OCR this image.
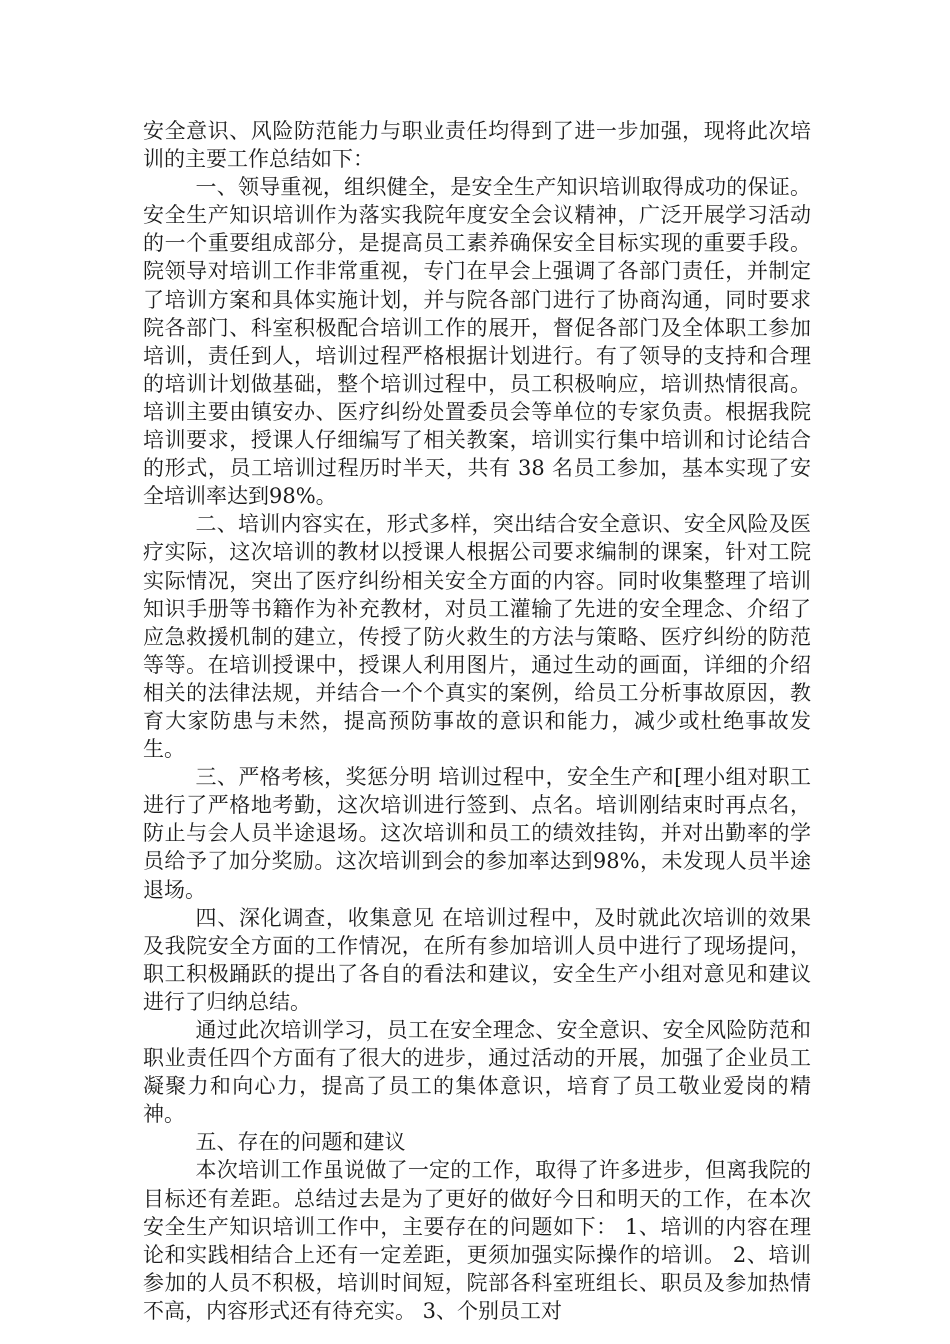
安全意识、风险防范能力与职业责任均得到了进一步加强，现将此次培训的主要工作总结如下：

一、领导重视，组织健全，是安全生产知识培训取得成功的保证。安全生产知识培训作为落实我院年度安全会议精神，广泛开展学习活动的一个重要组成部分，是提高员工素养确保安全目标实现的重要手段。院领导对培训工作非常重视，专门在早会上强调了各部门责任，并制定了培训方案和具体实施计划，并与院各部门进行了协商沟通，同时要求院各部门、科室积极配合培训工作的展开，督促各部门及全体职工参加培训，责任到人，培训过程严格根据计划进行。有了领导的支持和合理的培训计划做基础，整个培训过程中，员工积极响应，培训热情很高。培训主要由镇安办、医疗纠纷处置委员会等单位的专家负责。根据我院培训要求，授课人仔细编写了相关教案，培训实行集中培训和讨论结合的形式，员工培训过程历时半天，共有 38 名员工参加，基本实现了安全培训率达到98%。

二、培训内容实在，形式多样，突出结合安全意识、安全风险及医疗实际，这次培训的教材以授课人根据公司要求编制的课案，针对工院实际情况，突出了医疗纠纷相关安全方面的内容。同时收集整理了培训知识手册等书籍作为补充教材，对员工灌输了先进的安全理念、介绍了应急救援机制的建立，传授了防火救生的方法与策略、医疗纠纷的防范等等。在培训授课中，授课人利用图片，通过生动的画面，详细的介绍相关的法律法规，并结合一个个真实的案例，给员工分析事故原因，教育大家防患与未然，提高预防事故的意识和能力，减少或杜绝事故发生。

三、严格考核，奖惩分明 培训过程中，安全生产和[理小组对职工进行了严格地考勤，这次培训进行签到、点名。培训刚结束时再点名，防止与会人员半途退场。这次培训和员工的绩效挂钩，并对出勤率的学员给予了加分奖励。这次培训到会的参加率达到98%，未发现人员半途退场。

四、深化调查，收集意见 在培训过程中，及时就此次培训的效果及我院安全方面的工作情况，在所有参加培训人员中进行了现场提问，职工积极踊跃的提出了各自的看法和建议，安全生产小组对意见和建议进行了归纳总结。

通过此次培训学习，员工在安全理念、安全意识、安全风险防范和职业责任四个方面有了很大的进步，通过活动的开展，加强了企业员工凝聚力和向心力，提高了员工的集体意识，培育了员工敬业爱岗的精神。

五、存在的问题和建议

本次培训工作虽说做了一定的工作，取得了许多进步，但离我院的目标还有差距。总结过去是为了更好的做好今日和明天的工作，在本次安全生产知识培训工作中，主要存在的问题如下： 1、培训的内容在理论和实践相结合上还有一定差距，更须加强实际操作的培训。 2、培训参加的人员不积极，培训时间短，院部各科室班组长、职员及参加热情不高，内容形式还有待充实。 3、个别员工对
